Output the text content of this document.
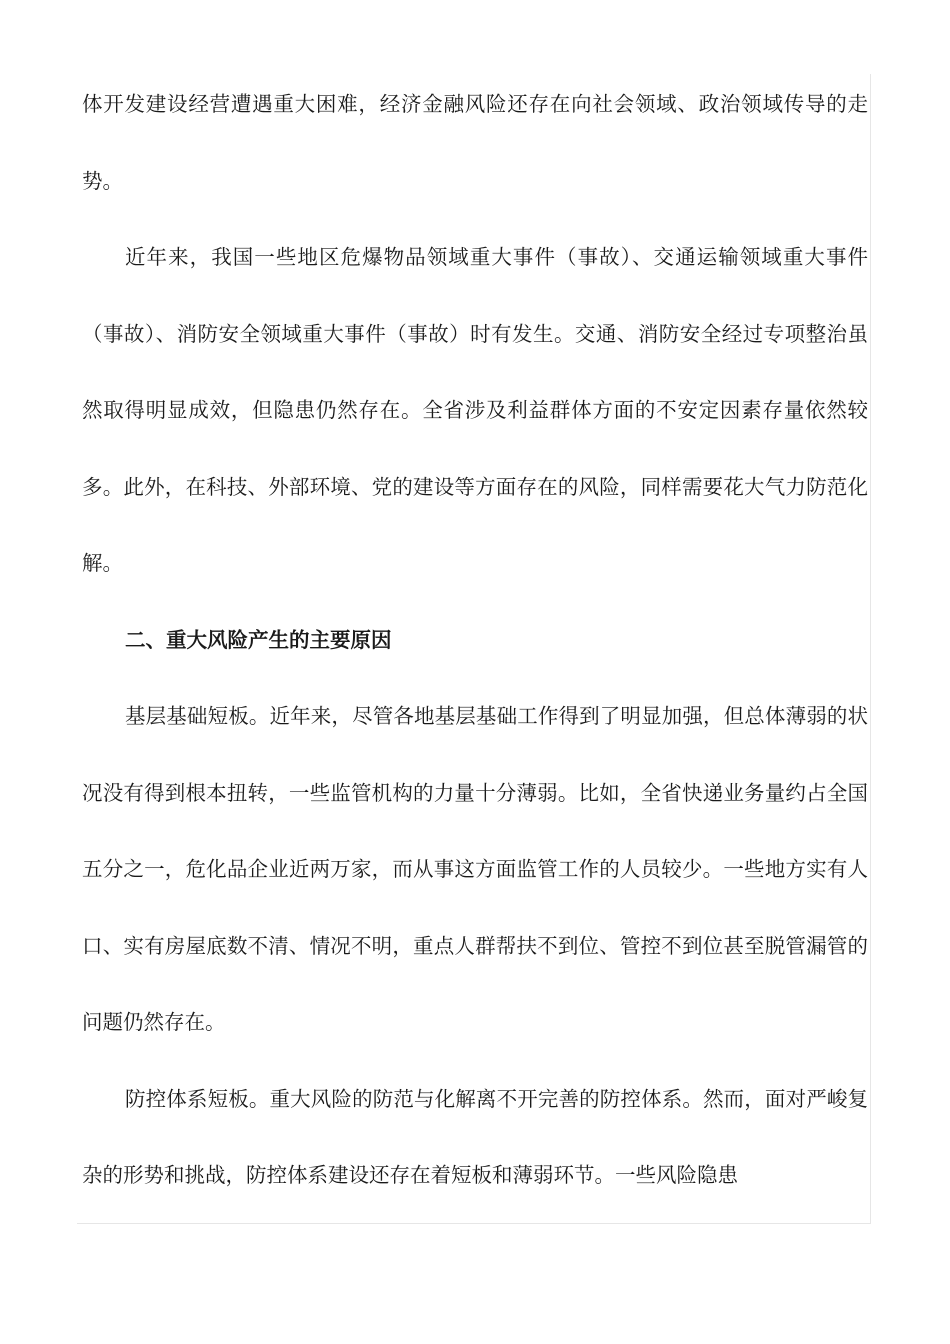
体开发建设经营遭遇重大困难，经济金融风险还存在向社会领域、政治领域传导的走势。

近年来，我国一些地区危爆物品领域重大事件（事故）、交通运输领域重大事件（事故）、消防安全领域重大事件（事故）时有发生。交通、消防安全经过专项整治虽然取得明显成效，但隐患仍然存在。全省涉及利益群体方面的不安定因素存量依然较多。此外，在科技、外部环境、党的建设等方面存在的风险，同样需要花大气力防范化解。

二、重大风险产生的主要原因

基层基础短板。近年来，尽管各地基层基础工作得到了明显加强，但总体薄弱的状况没有得到根本扭转，一些监管机构的力量十分薄弱。比如，全省快递业务量约占全国五分之一，危化品企业近两万家，而从事这方面监管工作的人员较少。一些地方实有人口、实有房屋底数不清、情况不明，重点人群帮扶不到位、管控不到位甚至脱管漏管的问题仍然存在。

防控体系短板。重大风险的防范与化解离不开完善的防控体系。然而，面对严峻复杂的形势和挑战，防控体系建设还存在着短板和薄弱环节。一些风险隐患
